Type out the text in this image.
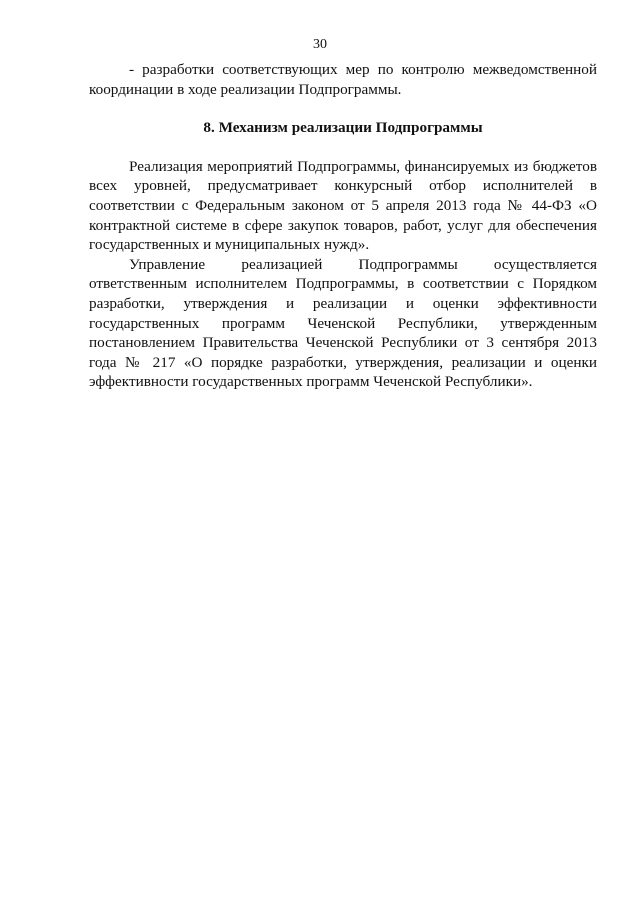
30

- разработки соответствующих мер по контролю межведомственной координации в ходе реализации Подпрограммы.

8. Механизм реализации Подпрограммы

Реализация мероприятий Подпрограммы, финансируемых из бюджетов всех уровней, предусматривает конкурсный отбор исполнителей в соответствии с Федеральным законом от 5 апреля 2013 года № 44-ФЗ «О контрактной системе в сфере закупок товаров, работ, услуг для обеспечения государственных и муниципальных нужд».

Управление реализацией Подпрограммы осуществляется ответственным исполнителем Подпрограммы, в соответствии с Порядком разработки, утверждения и реализации и оценки эффективности государственных программ Чеченской Республики, утвержденным постановлением Правительства Чеченской Республики от 3 сентября 2013 года № 217 «О порядке разработки, утверждения, реализации и оценки эффективности государственных программ Чеченской Республики».
